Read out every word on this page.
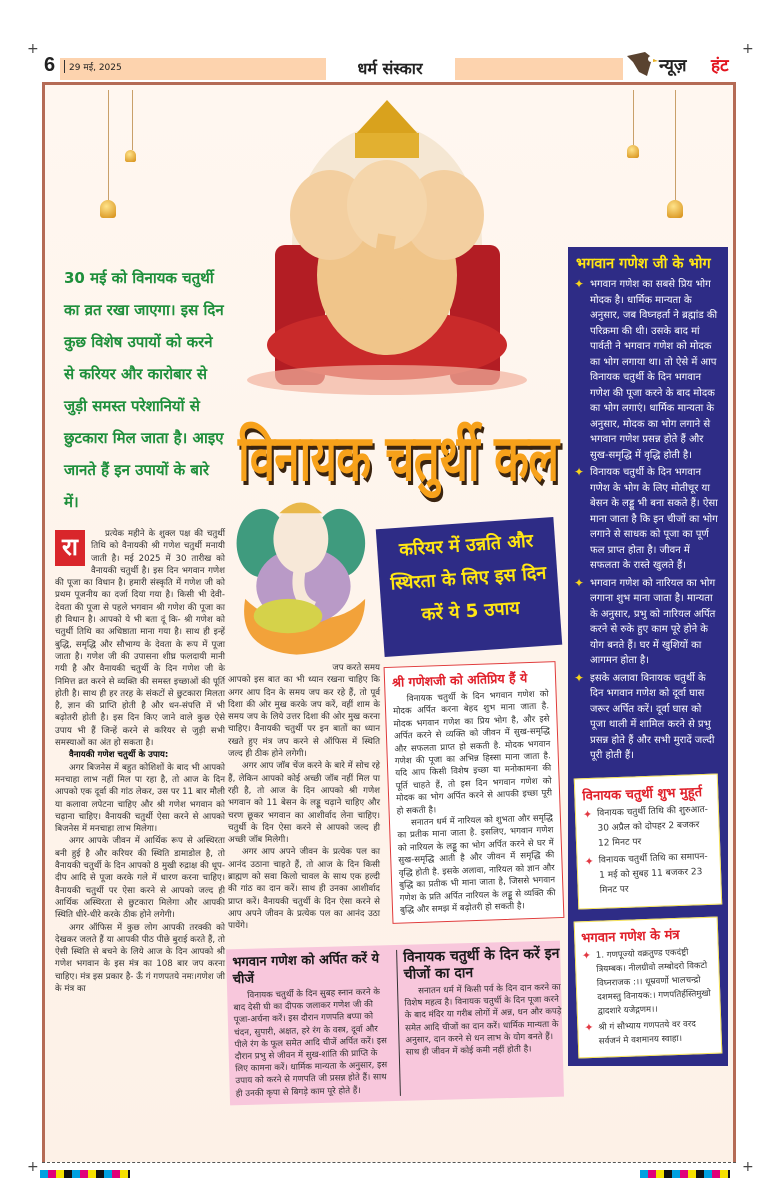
+	+
+	+
6	29 मई, 2025	धर्म संस्कार	न्यूज़ हंट
विनायक चतुर्थी कल
करियर में उन्नति और स्थिरता के लिए इस दिन करें ये 5 उपाय
30 मई को विनायक चतुर्थी का व्रत रखा जाएगा। इस दिन कुछ विशेष उपायों को करने से करियर और कारोबार से जुड़ी समस्त परेशानियों से छुटकारा मिल जाता है। आइए जानते हैं इन उपायों के बारे में।
रा	प्रत्येक महीने के शुक्ल पक्ष की चतुर्थी तिथि को वैनायकी श्री गणेश चतुर्थी मनायी जाती है। मई 2025 में 30 तारीख को वैनायकी चतुर्थी है। इस दिन भगवान गणेश की पूजा का विधान है। हमारी संस्कृति में गणेश जी को प्रथम पूजनीय का दर्जा दिया गया है। किसी भी देवी-देवता की पूजा से पहले भगवान श्री गणेश की पूजा का ही विधान है। आपको ये भी बता दूं कि- श्री गणेश को चतुर्थी तिथि का अधिष्ठाता माना गया है। साथ ही इन्हें बुद्धि, समृद्धि और सौभाग्य के देवता के रूप में पूजा जाता है। गणेश जी की उपासना शीघ्र फलदायी मानी गयी है और वैनायकी चतुर्थी के दिन गणेश जी के निमित्त व्रत करने से व्यक्ति की समस्त इच्छाओं की पूर्ति होती है। साथ ही हर तरह के संकटों से छुटकारा मिलता है, ज्ञान की प्राप्ति होती है और धन-संपत्ति में भी बढ़ोतरी होती है। इस दिन किए जाने वाले कुछ ऐसे उपाय भी हैं जिन्हें करने से करियर से जुड़ी सभी समस्याओं का अंत हो सकता है।

वैनायकी गणेश चतुर्थी के उपाय:

अगर बिजनेस में बहुत कोशिशों के बाद भी आपको मनचाहा लाभ नहीं मिल पा रहा है, तो आज के दिन आपको एक दूर्वा की गांठ लेकर, उस पर 11 बार मौली या कलावा लपेटना चाहिए और श्री गणेश भगवान को चढ़ाना चाहिए। वैनायकी चतुर्थी ऐसा करने से आपको बिजनेस में मनचाहा लाभ मिलेगा।

अगर आपके जीवन में आर्थिक रूप से अस्थिरता बनी हुई है और करियर की स्थिति डामाडोल है, तो वैनायकी चतुर्थी के दिन आपको 8 मुखी रुद्राक्ष की धूप-दीप आदि से पूजा करके गले में धारण करना चाहिए। वैनायकी चतुर्थी पर ऐसा करने से आपको जल्द ही आर्थिक अस्थिरता से छुटकारा मिलेगा और आपकी स्थिति धीरे-धीरे करके ठीक होने लगेगी।

अगर ऑफिस में कुछ लोग आपकी तरक्की को देखकर जलते हैं या आपकी पीठ पीछे बुराई करते हैं, तो ऐसी स्थिति से बचने के लिये आज के दिन आपको श्री गणेश भगवान के इस मंत्र का 108 बार जप करना चाहिए। मंत्र इस प्रकार है- ऊँ गं गणपतये नमः।गणेश जी के मंत्र का

जप करते समय

आपको इस बात का भी ध्यान रखना चाहिए कि अगर आप दिन के समय जप कर रहे हैं, तो पूर्व दिशा की ओर मुख करके जप करें, वहीं शाम के समय जप के लिये उत्तर दिशा की ओर मुख करना चाहिए। वैनायकी चतुर्थी पर इन बातों का ध्यान रखते हुए मंत्र जप करने से ऑफिस में स्थिति जल्द ही ठीक होने लगेगी।

अगर आप जॉब चेंज करने के बारे में सोच रहे हैं, लेकिन आपको कोई अच्छी जॉब नहीं मिल पा रही है, तो आज के दिन आपको श्री गणेश भगवान को 11 बेसन के लड्डू चढ़ाने चाहिए और चरण छूकर भगवान का आशीर्वाद लेना चाहिए। चतुर्थी के दिन ऐसा करने से आपको जल्द ही अच्छी जॉब मिलेगी।

अगर आप अपने जीवन के प्रत्येक पल का आनंद उठाना चाहते हैं, तो आज के दिन किसी ब्राह्मण को सवा किलो चावल के साथ एक हल्दी की गांठ का दान करें। साथ ही उनका आशीर्वाद प्राप्त करें। वैनायकी चतुर्थी के दिन ऐसा करने से आप अपने जीवन के प्रत्येक पल का आनंद उठा पायेंगे।

श्री गणेशजी को अतिप्रिय हैं ये

विनायक चतुर्थी के दिन भगवान गणेश को मोदक अर्पित करना बेहद शुभ माना जाता है. मोदक भगवान गणेश का प्रिय भोग है, और इसे अर्पित करने से व्यक्ति को जीवन में सुख-समृद्धि और सफलता प्राप्त हो सकती है. मोदक भगवान गणेश की पूजा का अभिन्न हिस्सा माना जाता है. यदि आप किसी विशेष इच्छा या मनोकामना की पूर्ति चाहते हैं, तो इस दिन भगवान गणेश को मोदक का भोग अर्पित करने से आपकी इच्छा पूरी हो सकती है।

सनातन धर्म में नारियल को शुभता और समृद्धि का प्रतीक माना जाता है. इसलिए, भगवान गणेश को नारियल के लड्डू का भोग अर्पित करने से घर में सुख-समृद्धि आती है और जीवन में समृद्धि की वृद्धि होती है. इसके अलावा, नारियल को ज्ञान और बुद्धि का प्रतीक भी माना जाता है, जिससे भगवान गणेश के प्रति अर्पित नारियल के लड्डू से व्यक्ति की बुद्धि और समझ में बढ़ोतरी हो सकती है।

भगवान गणेश को अर्पित करें ये चीजें

विनायक चतुर्थी के दिन सुबह स्नान करने के बाद देसी घी का दीपक जलाकर गणेश जी की पूजा-अर्चना करें। इस दौरान गणपति बप्पा को चंदन, सुपारी, अक्षत, हरे रंग के वस्त्र, दूर्वा और पीले रंग के फूल समेत आदि चीजें अर्पित करें। इस दौरान प्रभु से जीवन में सुख-शांति की प्राप्ति के लिए कामना करें। धार्मिक मान्यता के अनुसार, इस उपाय को करने से गणपति जी प्रसन्न होते हैं। साथ ही उनकी कृपा से बिगड़े काम पूरे होते हैं।

विनायक चतुर्थी के दिन करें इन चीजों का दान

सनातन धर्म में किसी पर्व के दिन दान करने का विशेष महत्व है। विनायक चतुर्थी के दिन पूजा करने के बाद मंदिर या गरीब लोगों में अन्न, धन और कपड़े समेत आदि चीजों का दान करें। धार्मिक मान्यता के अनुसार, दान करने से धन लाभ के योग बनते हैं। साथ ही जीवन में कोई कमी नहीं होती है।

भगवान गणेश जी के भोग
✦ भगवान गणेश का सबसे प्रिय भोग मोदक है। धार्मिक मान्यता के अनुसार, जब विघ्नहर्ता ने ब्रह्मांड की परिक्रमा की थी। उसके बाद मां पार्वती ने भगवान गणेश को मोदक का भोग लगाया था। तो ऐसे में आप विनायक चतुर्थी के दिन भगवान गणेश की पूजा करने के बाद मोदक का भोग लगाएं। धार्मिक मान्यता के अनुसार, मोदक का भोग लगाने से भगवान गणेश प्रसन्न होते हैं और सुख-समृद्धि में वृद्धि होती है।
✦ विनायक चतुर्थी के दिन भगवान गणेश के भोग के लिए मोतीचूर या बेसन के लड्डू भी बना सकते हैं। ऐसा माना जाता है कि इन चीजों का भोग लगाने से साधक को पूजा का पूर्ण फल प्राप्त होता है। जीवन में सफलता के रास्ते खुलते हैं।
✦ भगवान गणेश को नारियल का भोग लगाना शुभ माना जाता है। मान्यता के अनुसार, प्रभु को नारियल अर्पित करने से रुके हुए काम पूरे होने के योग बनते हैं। घर में खुशियों का आगमन होता है।
✦ इसके अलावा विनायक चतुर्थी के दिन भगवान गणेश को दूर्वा घास जरूर अर्पित करें। दूर्वा घास को पूजा थाली में शामिल करने से प्रभु प्रसन्न होते हैं और सभी मुरादें जल्दी पूरी होती हैं।
विनायक चतुर्थी शुभ मुहूर्त
✦ विनायक चतुर्थी तिथि की शुरुआत- 30 अप्रैल को दोपहर 2 बजकर 12 मिनट पर
✦ विनायक चतुर्थी तिथि का समापन- 1 मई को सुबह 11 बजकर 23 मिनट पर
भगवान गणेश के मंत्र
✦ 1. गणपूज्यो वक्रतुण्ड एकदंष्ट्री त्रियम्बक। नीलग्रीवो लम्बोदरो विकटो विघ्नराजक :।। धूम्रवर्णो भालचन्द्रो दशमस्तु विनायक:। गणपतिर्हस्तिमुखो द्वादशारे यजेद्गणम।।
✦ श्री गं सौभ्याय गणपतये वर वरद सर्वजनं मे वशमानय स्वाहा।
